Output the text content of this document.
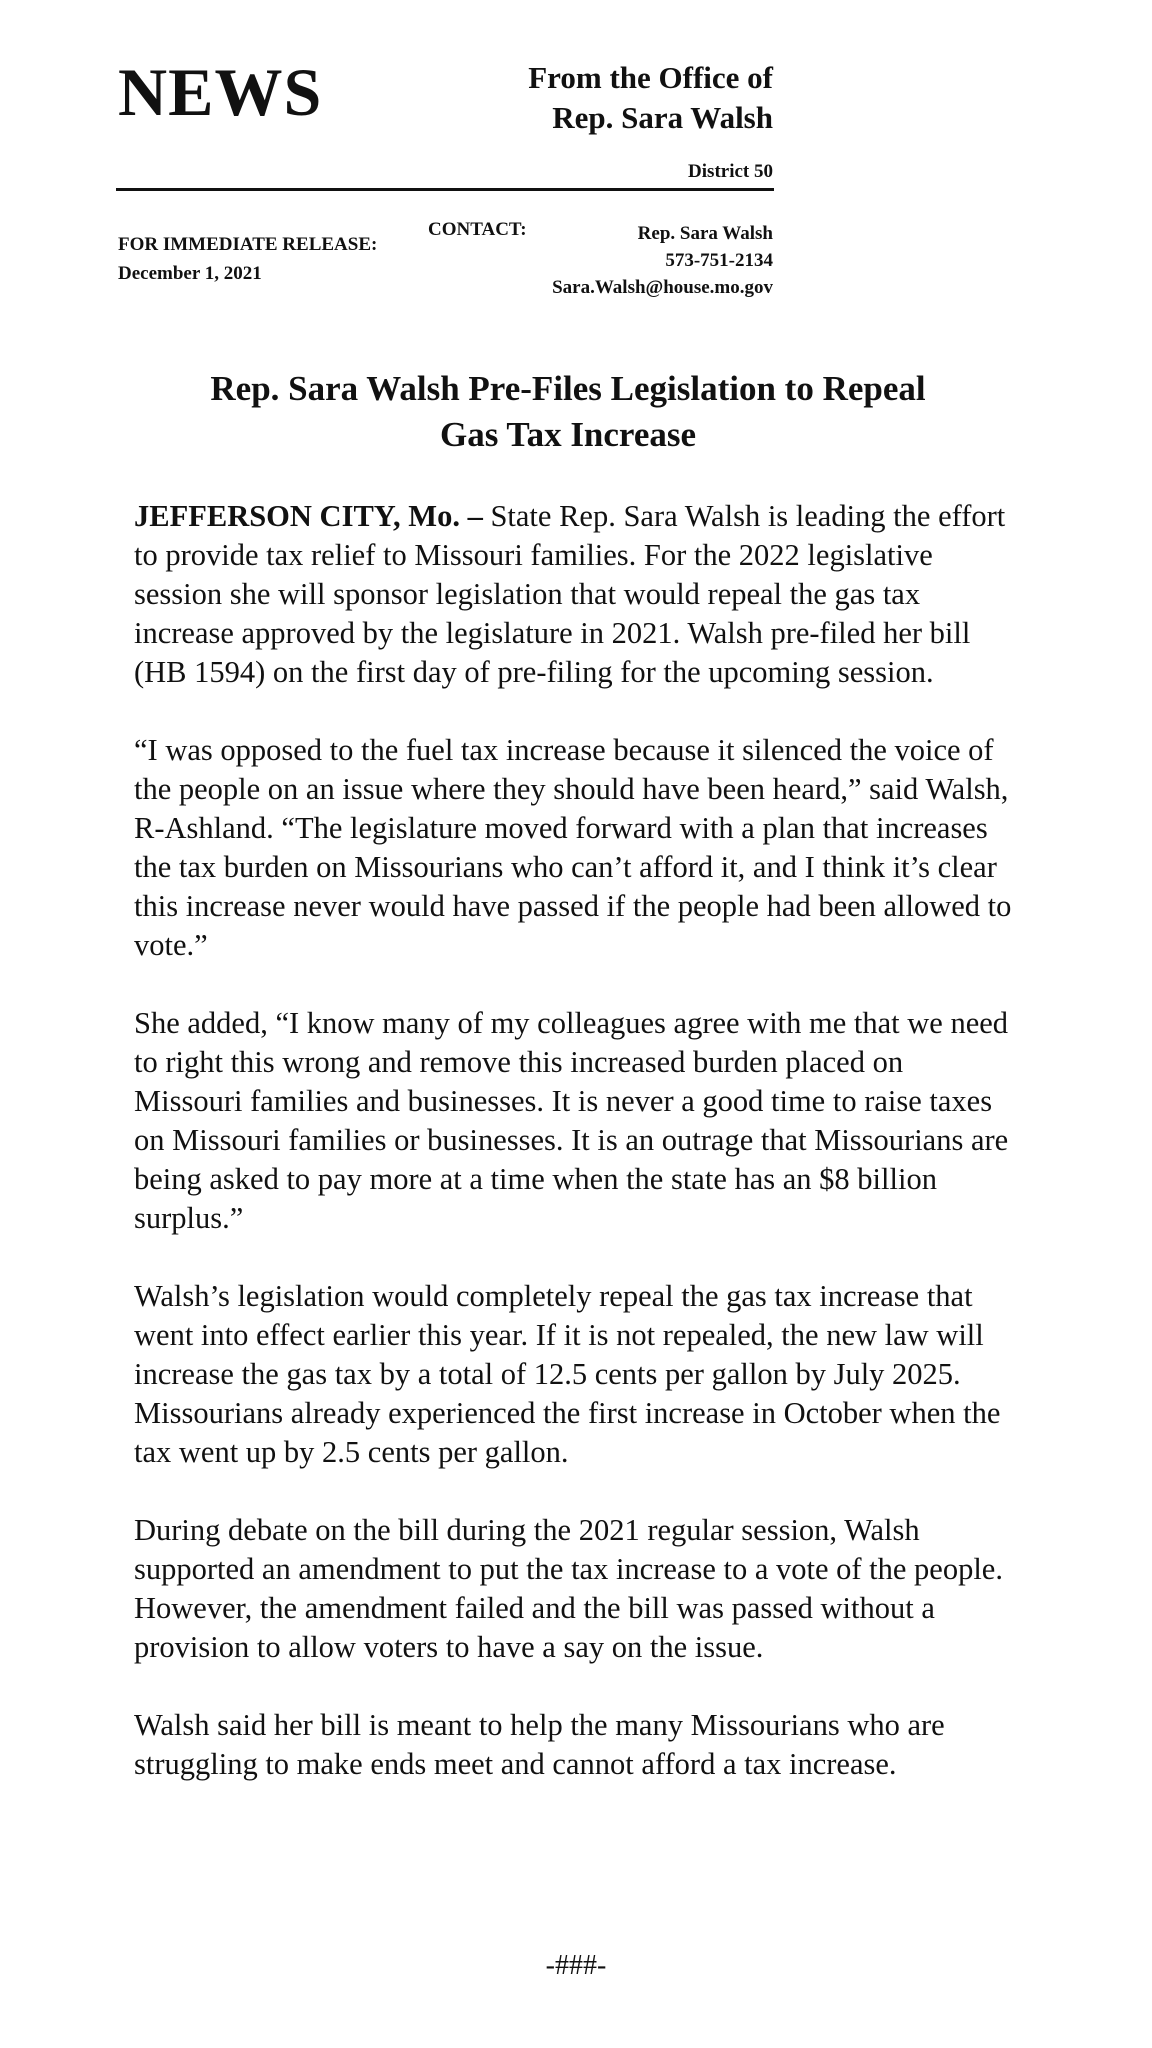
NEWS	From the Office of
Rep. Sara Walsh
District 50
FOR IMMEDIATE RELEASE:
December 1, 2021
CONTACT:	Rep. Sara Walsh
573-751-2134
Sara.Walsh@house.mo.gov
Rep. Sara Walsh Pre-Files Legislation to Repeal
Gas Tax Increase

JEFFERSON CITY, Mo. – State Rep. Sara Walsh is leading the effort to provide tax relief to Missouri families. For the 2022 legislative session she will sponsor legislation that would repeal the gas tax increase approved by the legislature in 2021. Walsh pre-filed her bill (HB 1594) on the first day of pre-filing for the upcoming session.

“I was opposed to the fuel tax increase because it silenced the voice of the people on an issue where they should have been heard,” said Walsh, R-Ashland. “The legislature moved forward with a plan that increases the tax burden on Missourians who can’t afford it, and I think it’s clear this increase never would have passed if the people had been allowed to vote.”

She added, “I know many of my colleagues agree with me that we need to right this wrong and remove this increased burden placed on Missouri families and businesses. It is never a good time to raise taxes on Missouri families or businesses. It is an outrage that Missourians are being asked to pay more at a time when the state has an $8 billion surplus.”

Walsh’s legislation would completely repeal the gas tax increase that went into effect earlier this year. If it is not repealed, the new law will increase the gas tax by a total of 12.5 cents per gallon by July 2025. Missourians already experienced the first increase in October when the tax went up by 2.5 cents per gallon.

During debate on the bill during the 2021 regular session, Walsh supported an amendment to put the tax increase to a vote of the people. However, the amendment failed and the bill was passed without a provision to allow voters to have a say on the issue.

Walsh said her bill is meant to help the many Missourians who are struggling to make ends meet and cannot afford a tax increase.

-###-
